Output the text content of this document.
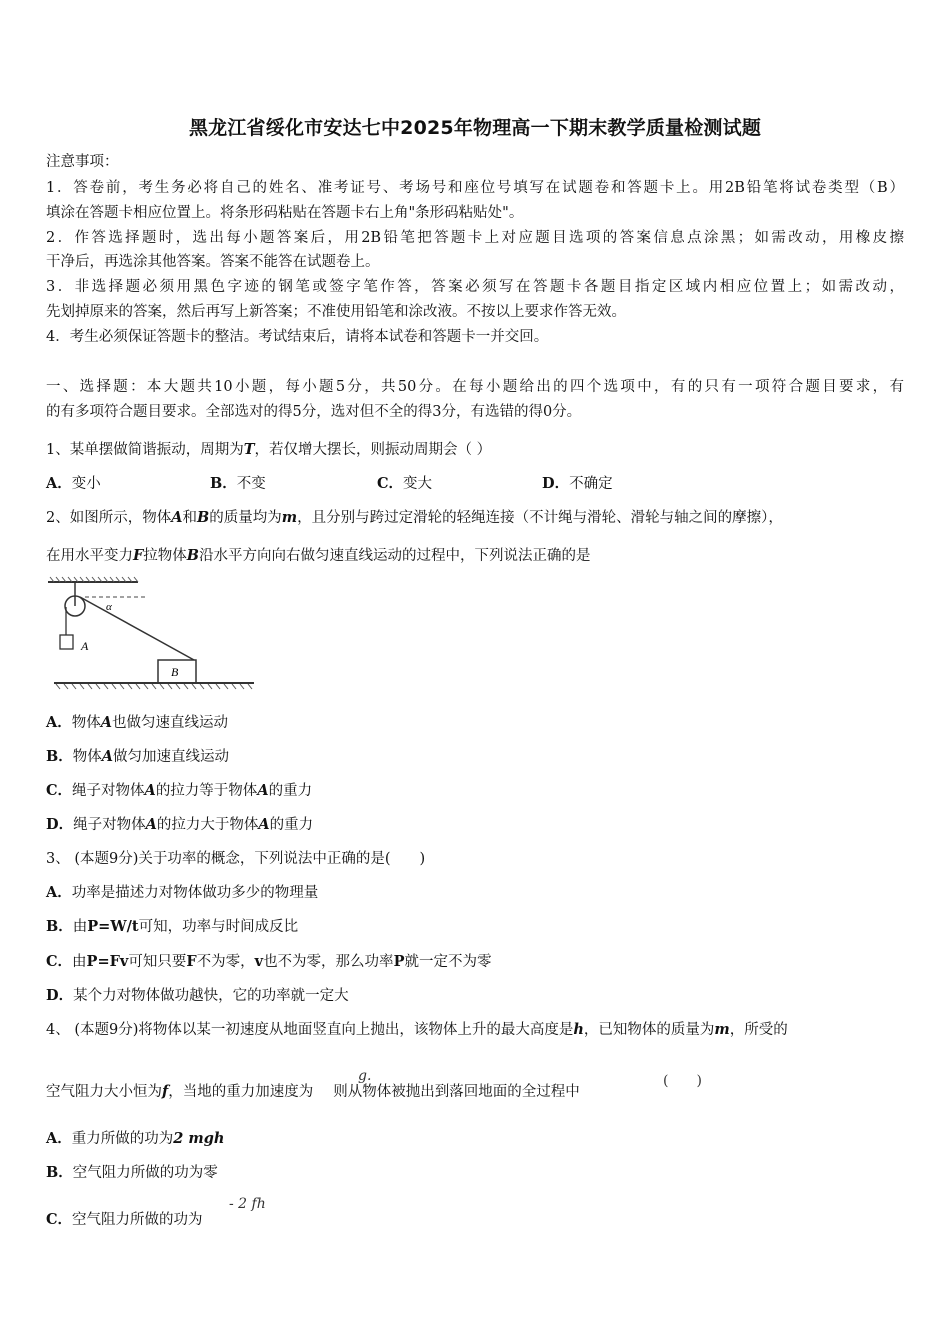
黑龙江省绥化市安达七中2025年物理高一下期末教学质量检测试题
注意事项：
1．答卷前，考生务必将自己的姓名、准考证号、考场号和座位号填写在试题卷和答题卡上。用2B铅笔将试卷类型（B）
填涂在答题卡相应位置上。将条形码粘贴在答题卡右上角"条形码粘贴处"。
2．作答选择题时，选出每小题答案后，用2B铅笔把答题卡上对应题目选项的答案信息点涂黑；如需改动，用橡皮擦
干净后，再选涂其他答案。答案不能答在试题卷上。
3．非选择题必须用黑色字迹的钢笔或签字笔作答，答案必须写在答题卡各题目指定区域内相应位置上；如需改动，
先划掉原来的答案，然后再写上新答案；不准使用铅笔和涂改液。不按以上要求作答无效。
4．考生必须保证答题卡的整洁。考试结束后，请将本试卷和答题卡一并交回。
一、选择题：本大题共10小题，每小题5分，共50分。在每小题给出的四个选项中，有的只有一项符合题目要求，有
的有多项符合题目要求。全部选对的得5分，选对但不全的得3分，有选错的得0分。
1、某单摆做简谐振动，周期为T，若仅增大摆长，则振动周期会（ ）
A．变小	B．不变	C．变大	D．不确定
2、如图所示，物体A和B的质量均为m，且分别与跨过定滑轮的轻绳连接（不计绳与滑轮、滑轮与轴之间的摩擦），
在用水平变力F拉物体B沿水平方向向右做匀速直线运动的过程中，下列说法正确的是
α
A
B
A．物体A也做匀速直线运动
B．物体A做匀加速直线运动
C．绳子对物体A的拉力等于物体A的重力
D．绳子对物体A的拉力大于物体A的重力
3、 (本题9分)关于功率的概念，下列说法中正确的是(　　)
A．功率是描述力对物体做功多少的物理量
B．由P=W/t可知，功率与时间成反比
C．由P=Fv可知只要F不为零，v也不为零，那么功率P就一定不为零
D．某个力对物体做功越快，它的功率就一定大
4、 (本题9分)将物体以某一初速度从地面竖直向上抛出，该物体上升的最大高度是h，已知物体的质量为m，所受的
空气阻力大小恒为f，当地的重力加速度为 则从物体被抛出到落回地面的全过程中
g.	(　　)
A．重力所做的功为2 mgh
B．空气阻力所做的功为零
C．空气阻力所做的功为
- 2 fh
